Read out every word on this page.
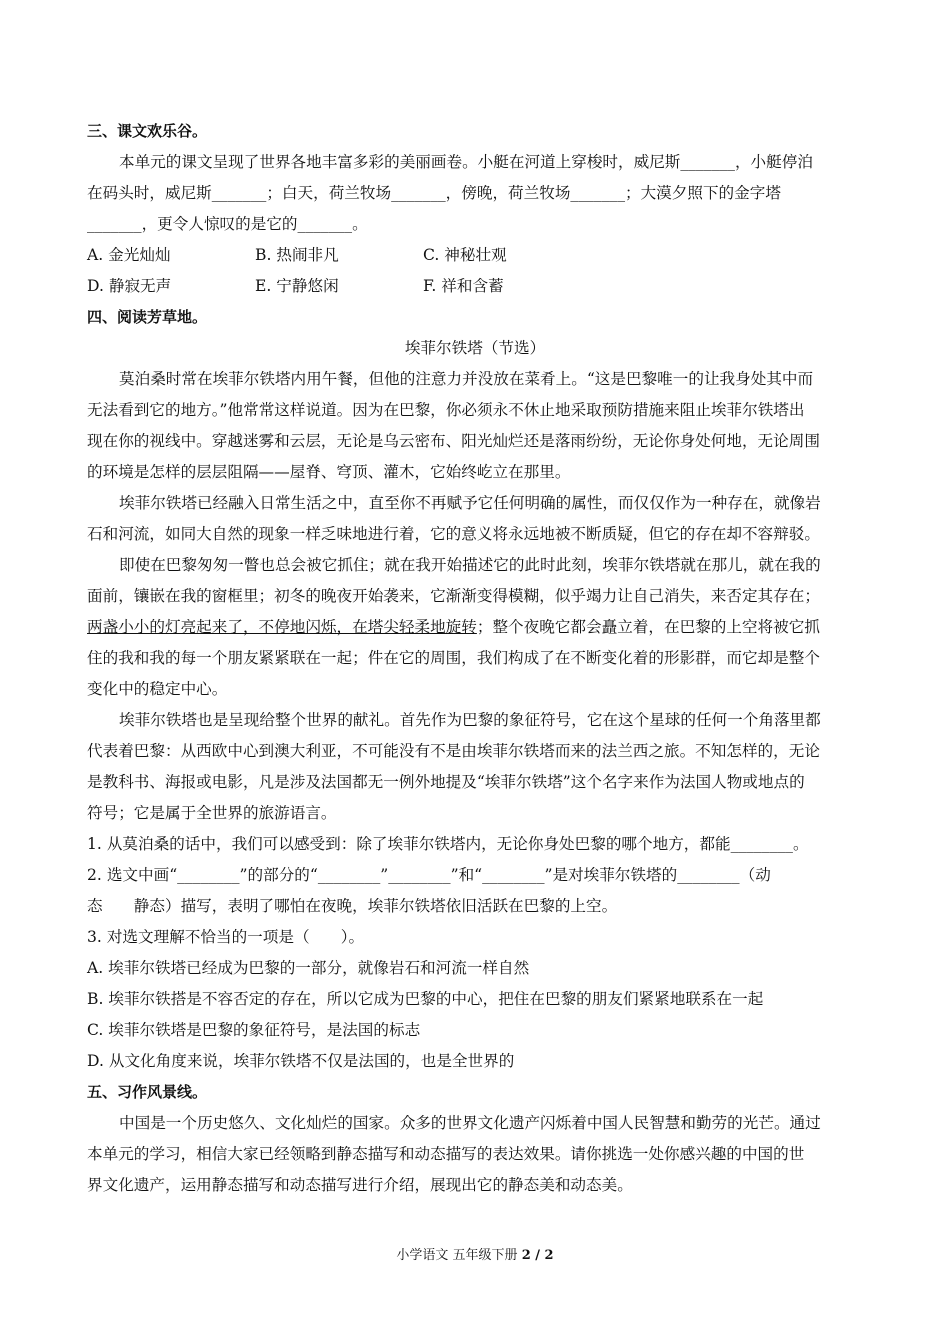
三、课文欢乐谷。
本单元的课文呈现了世界各地丰富多彩的美丽画卷。小艇在河道上穿梭时，威尼斯_______，小艇停泊
在码头时，威尼斯_______；白天，荷兰牧场_______，傍晚，荷兰牧场_______；大漠夕照下的金字塔
_______，更令人惊叹的是它的_______。
A. 金光灿灿	B. 热闹非凡	C. 神秘壮观
D. 静寂无声	E. 宁静悠闲	F. 祥和含蓄
四、阅读芳草地。
埃菲尔铁塔（节选）
莫泊桑时常在埃菲尔铁塔内用午餐，但他的注意力并没放在菜肴上。“这是巴黎唯一的让我身处其中而
无法看到它的地方。”他常常这样说道。因为在巴黎，你必须永不休止地采取预防措施来阻止埃菲尔铁塔出
现在你的视线中。穿越迷雾和云层，无论是乌云密布、阳光灿烂还是落雨纷纷，无论你身处何地，无论周围
的环境是怎样的层层阻隔——屋脊、穹顶、灌木，它始终屹立在那里。
埃菲尔铁塔已经融入日常生活之中，直至你不再赋予它任何明确的属性，而仅仅作为一种存在，就像岩
石和河流，如同大自然的现象一样乏味地进行着，它的意义将永远地被不断质疑，但它的存在却不容辩驳。
即使在巴黎匆匆一瞥也总会被它抓住；就在我开始描述它的此时此刻，埃菲尔铁塔就在那儿，就在我的
面前，镶嵌在我的窗框里；初冬的晚夜开始袭来，它渐渐变得模糊，似乎竭力让自己消失，来否定其存在；
两盏小小的灯亮起来了，不停地闪烁，在塔尖轻柔地旋转；整个夜晚它都会矗立着，在巴黎的上空将被它抓
住的我和我的每一个朋友紧紧联在一起；件在它的周围，我们构成了在不断变化着的形影群，而它却是整个
变化中的稳定中心。
埃菲尔铁塔也是呈现给整个世界的献礼。首先作为巴黎的象征符号，它在这个星球的任何一个角落里都
代表着巴黎：从西欧中心到澳大利亚，不可能没有不是由埃菲尔铁塔而来的法兰西之旅。不知怎样的，无论
是教科书、海报或电影，凡是涉及法国都无一例外地提及“埃菲尔铁塔”这个名字来作为法国人物或地点的
符号；它是属于全世界的旅游语言。
1. 从莫泊桑的话中，我们可以感受到：除了埃菲尔铁塔内，无论你身处巴黎的哪个地方，都能________。
2. 选文中画“________”的部分的“________”________”和“________”是对埃菲尔铁塔的________（动
态　　静态）描写，表明了哪怕在夜晚，埃菲尔铁塔依旧活跃在巴黎的上空。
3. 对选文理解不恰当的一项是（　　）。
A. 埃菲尔铁塔已经成为巴黎的一部分，就像岩石和河流一样自然
B. 埃菲尔铁搭是不容否定的存在，所以它成为巴黎的中心，把住在巴黎的朋友们紧紧地联系在一起
C. 埃菲尔铁塔是巴黎的象征符号，是法国的标志
D. 从文化角度来说，埃菲尔铁塔不仅是法国的，也是全世界的
五、习作风景线。
中国是一个历史悠久、文化灿烂的国家。众多的世界文化遗产闪烁着中国人民智慧和勤劳的光芒。通过
本单元的学习，相信大家已经领略到静态描写和动态描写的表达效果。请你挑选一处你感兴趣的中国的世
界文化遗产，运用静态描写和动态描写进行介绍，展现出它的静态美和动态美。
小学语文 五年级下册 2 / 2
